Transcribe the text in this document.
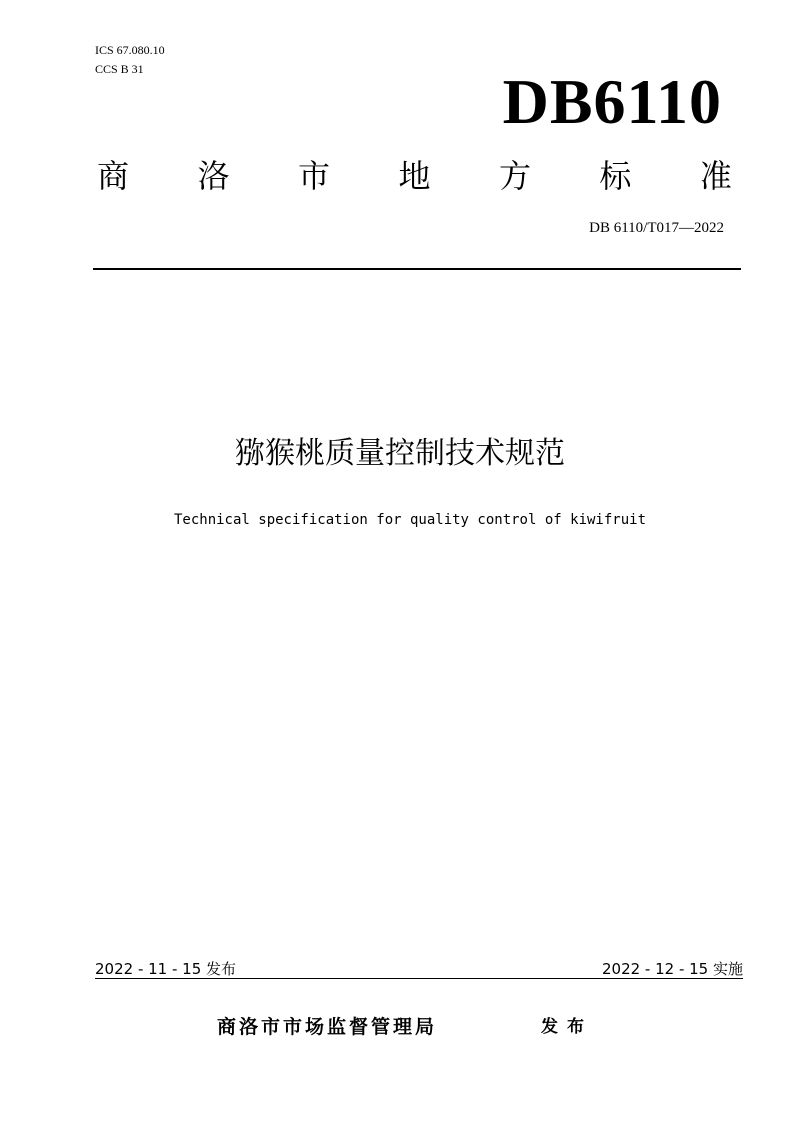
ICS 67.080.10
CCS B 31	DB6110
商 洛 市 地 方 标 准
DB 6110/T017—2022
猕猴桃质量控制技术规范
Technical specification for quality control of kiwifruit
2022 - 11 - 15 发布	2022 - 12 - 15 实施
商洛市市场监督管理局	发布
